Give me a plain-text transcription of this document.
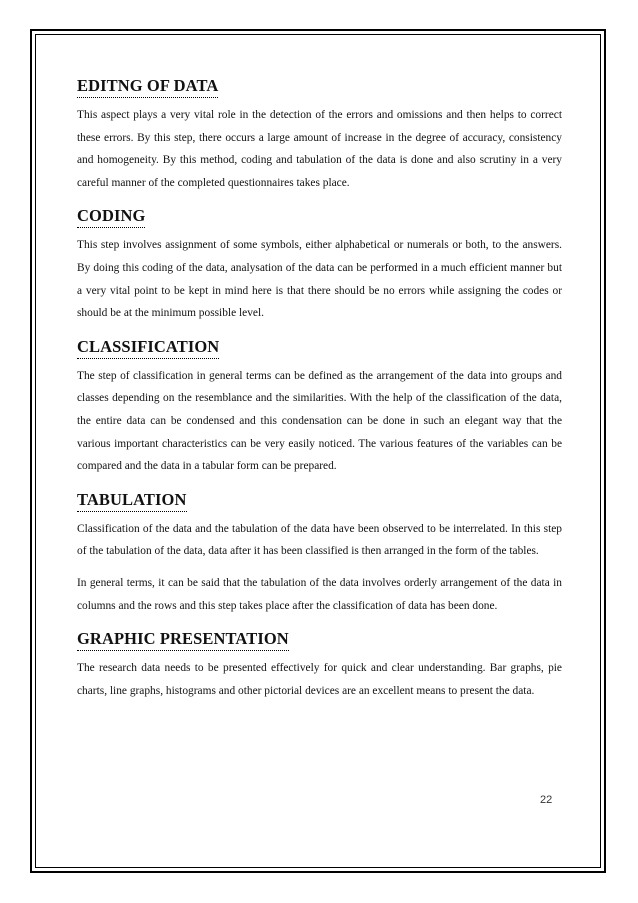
EDITNG OF DATA

This aspect plays a very vital role in the detection of the errors and omissions and then helps to correct these errors. By this step, there occurs a large amount of increase in the degree of accuracy, consistency and homogeneity. By this method, coding and tabulation of the data is done and also scrutiny in a very careful manner of the completed questionnaires takes place.

CODING

This step involves assignment of some symbols, either alphabetical or numerals or both, to the answers. By doing this coding of the data, analysation of the data can be performed in a much efficient manner but a very vital point to be kept in mind here is that there should be no errors while assigning the codes or should be at the minimum possible level.

CLASSIFICATION

The step of classification in general terms can be defined as the arrangement of the data into groups and classes depending on the resemblance and the similarities. With the help of the classification of the data, the entire data can be condensed and this condensation can be done in such an elegant way that the various important characteristics can be very easily noticed. The various features of the variables can be compared and the data in a tabular form can be prepared.

TABULATION

Classification of the data and the tabulation of the data have been observed to be interrelated. In this step of the tabulation of the data, data after it has been classified is then arranged in the form of the tables.

In general terms, it can be said that the tabulation of the data involves orderly arrangement of the data in columns and the rows and this step takes place after the classification of data has been done.

GRAPHIC PRESENTATION

The research data needs to be presented effectively for quick and clear understanding. Bar graphs, pie charts, line graphs, histograms and other pictorial devices are an excellent means to present the data.

22
